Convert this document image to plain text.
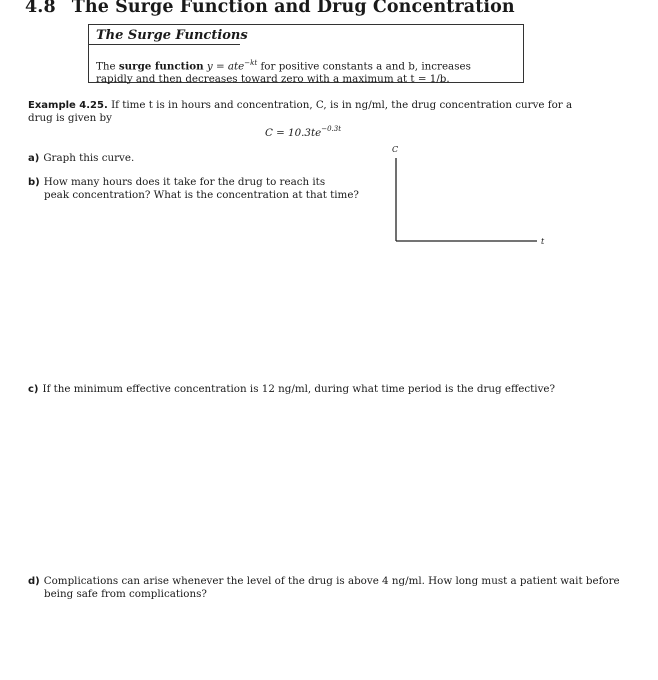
4.8 The Surge Function and Drug Concentration
The Surge Functions
The surge function y = ate$^{-kt}$ for positive constants a and b, increases
rapidly and then decreases toward zero with a maximum at t = 1/b.
Example 4.25. If time t is in hours and concentration, C, is in ng/ml, the drug concentration curve for a drug is given by
$C = 10.3te^{-0.3t}$
a) Graph this curve.
b) How many hours does it take for the drug to reach its
peak concentration? What is the concentration at that time?
C
t
c) If the minimum effective concentration is 12 ng/ml, during what time period is the drug effective?
d) Complications can arise whenever the level of the drug is above 4 ng/ml. How long must a patient wait before
being safe from complications?
